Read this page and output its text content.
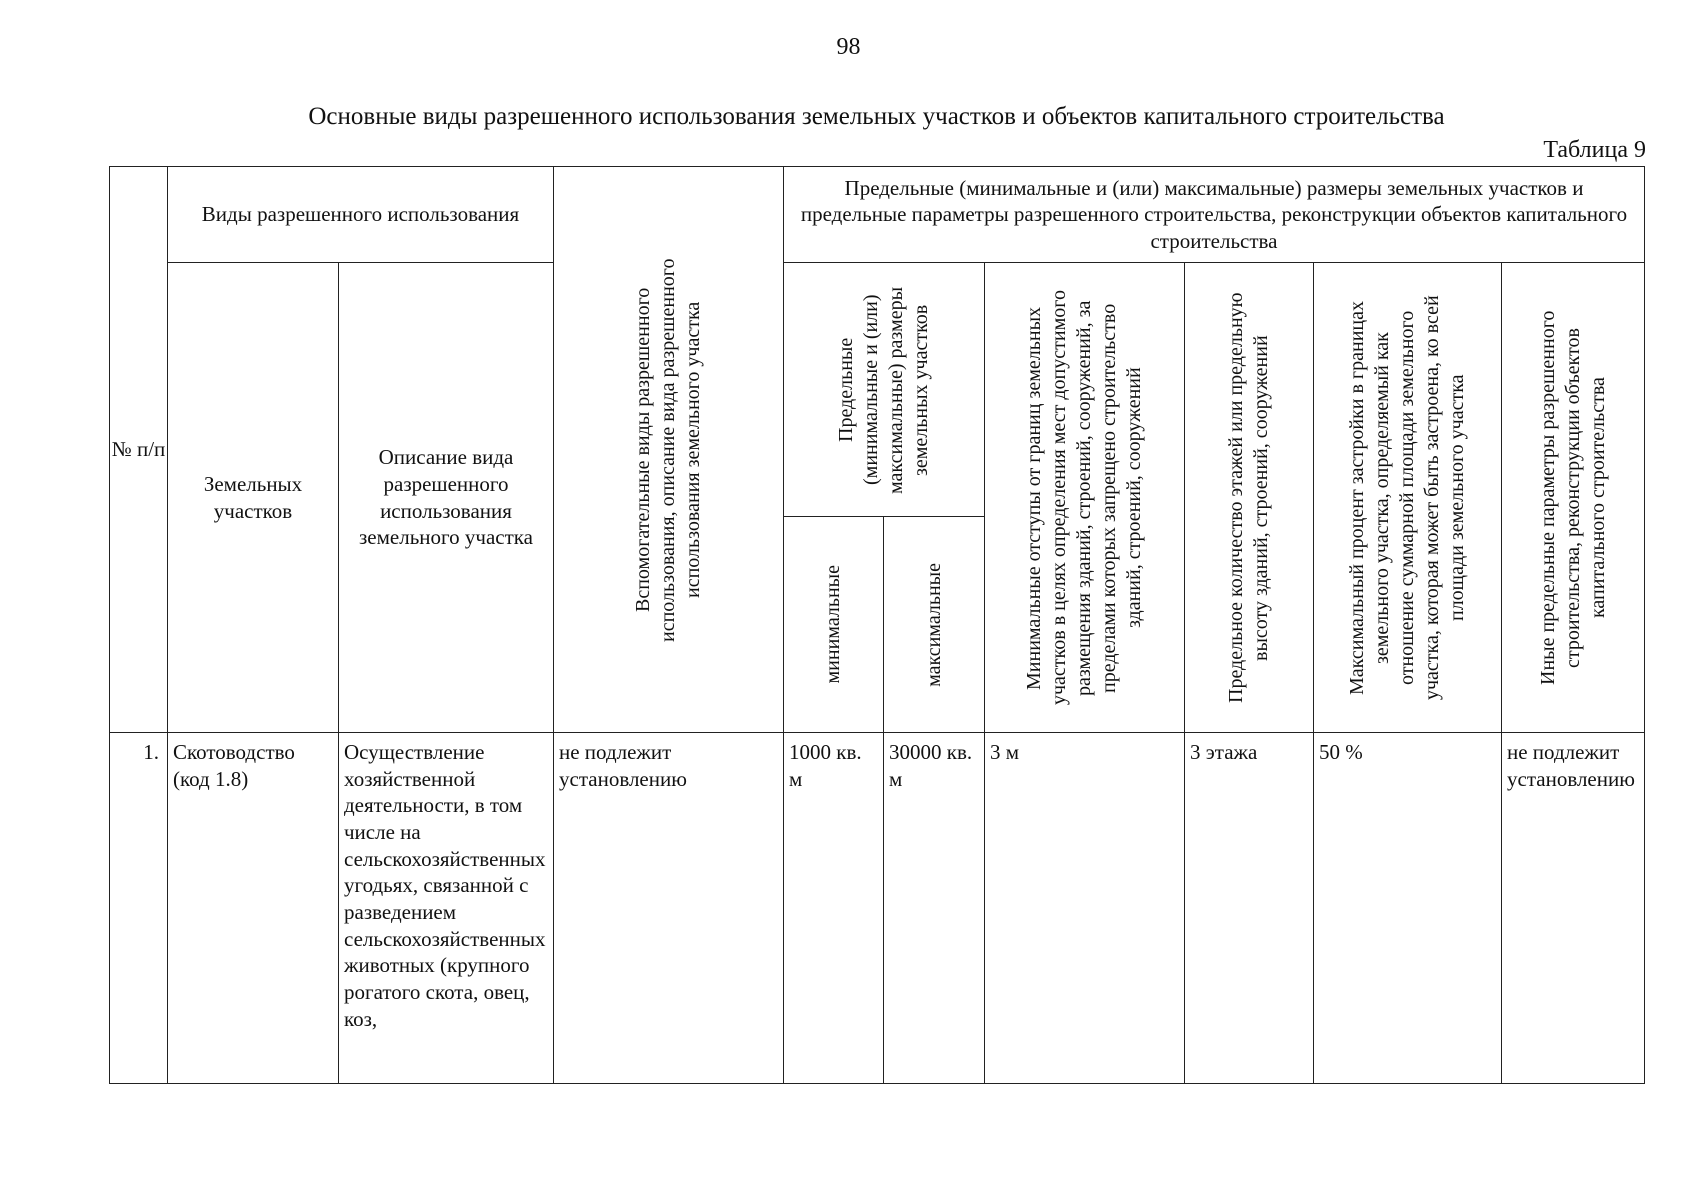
98
Основные виды разрешенного использования земельных участков и объектов капитального строительства
Таблица 9
№ п/п	Виды разрешенного использования		Вспомогательные виды разрешенного использования, описание вида разрешенного использования земельного участка	Предельные (минимальные и (или) максимальные) размеры земельных участков и предельные параметры разрешенного строительства, реконструкции объектов капитального строительства					

	Земельных участков	Описание вида разрешенного использования земельного участка		Предельные (минимальные и (или) максимальные) размеры земельных участков		Минимальные отступы от границ земельных участков в целях определения мест допустимого размещения зданий, строений, сооружений, за пределами которых запрещено строительство зданий, строений, сооружений	Предельное количество этажей или предельную высоту зданий, строений, сооружений	Максимальный процент застройки в границах земельного участка, определяемый как отношение суммарной площади земельного участка, которая может быть застроена, ко всей площади земельного участка	Иные предельные параметры разрешенного строительства, реконструкции объектов капитального строительства

				минимальные	максимальные				

1.	Скотоводство (код 1.8)	Осуществление хозяйственной деятельности, в том числе на сельскохозяйственных угодьях, связанной с разведением сельскохозяйственных животных (крупного рогатого скота, овец, коз,	не подлежит установлению	1000 кв. м	30000 кв. м	3 м	3 этажа	50 %	не подлежит установлению
